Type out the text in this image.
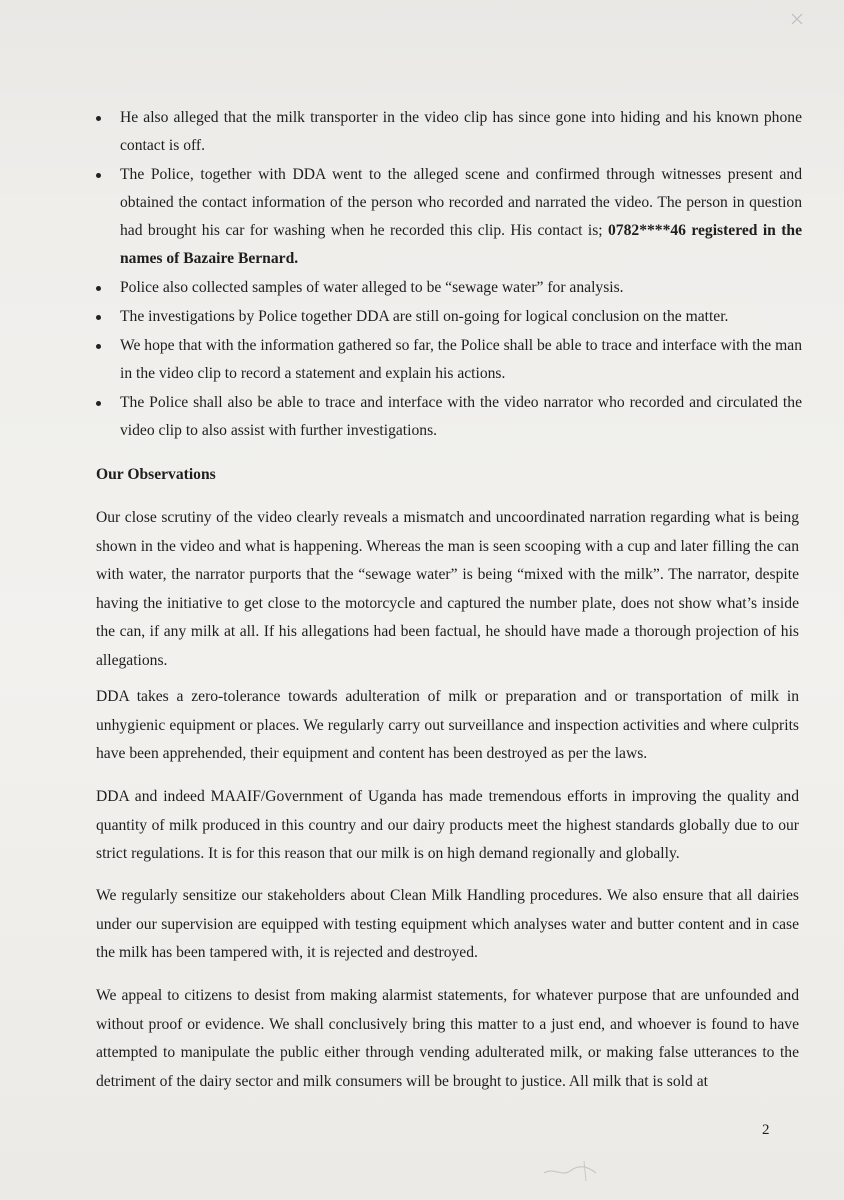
He also alleged that the milk transporter in the video clip has since gone into hiding and his known phone contact is off.
The Police, together with DDA went to the alleged scene and confirmed through witnesses present and obtained the contact information of the person who recorded and narrated the video. The person in question had brought his car for washing when he recorded this clip. His contact is; 0782****46 registered in the names of Bazaire Bernard.
Police also collected samples of water alleged to be “sewage water” for analysis.
The investigations by Police together DDA are still on-going for logical conclusion on the matter.
We hope that with the information gathered so far, the Police shall be able to trace and interface with the man in the video clip to record a statement and explain his actions.
The Police shall also be able to trace and interface with the video narrator who recorded and circulated the video clip to also assist with further investigations.
Our Observations

Our close scrutiny of the video clearly reveals a mismatch and uncoordinated narration regarding what is being shown in the video and what is happening. Whereas the man is seen scooping with a cup and later filling the can with water, the narrator purports that the “sewage water” is being “mixed with the milk”. The narrator, despite having the initiative to get close to the motorcycle and captured the number plate, does not show what’s inside the can, if any milk at all. If his allegations had been factual, he should have made a thorough projection of his allegations.

DDA takes a zero-tolerance towards adulteration of milk or preparation and or transportation of milk in unhygienic equipment or places. We regularly carry out surveillance and inspection activities and where culprits have been apprehended, their equipment and content has been destroyed as per the laws.

DDA and indeed MAAIF/Government of Uganda has made tremendous efforts in improving the quality and quantity of milk produced in this country and our dairy products meet the highest standards globally due to our strict regulations. It is for this reason that our milk is on high demand regionally and globally.

We regularly sensitize our stakeholders about Clean Milk Handling procedures. We also ensure that all dairies under our supervision are equipped with testing equipment which analyses water and butter content and in case the milk has been tampered with, it is rejected and destroyed.

We appeal to citizens to desist from making alarmist statements, for whatever purpose that are unfounded and without proof or evidence. We shall conclusively bring this matter to a just end, and whoever is found to have attempted to manipulate the public either through vending adulterated milk, or making false utterances to the detriment of the dairy sector and milk consumers will be brought to justice. All milk that is sold at

2
